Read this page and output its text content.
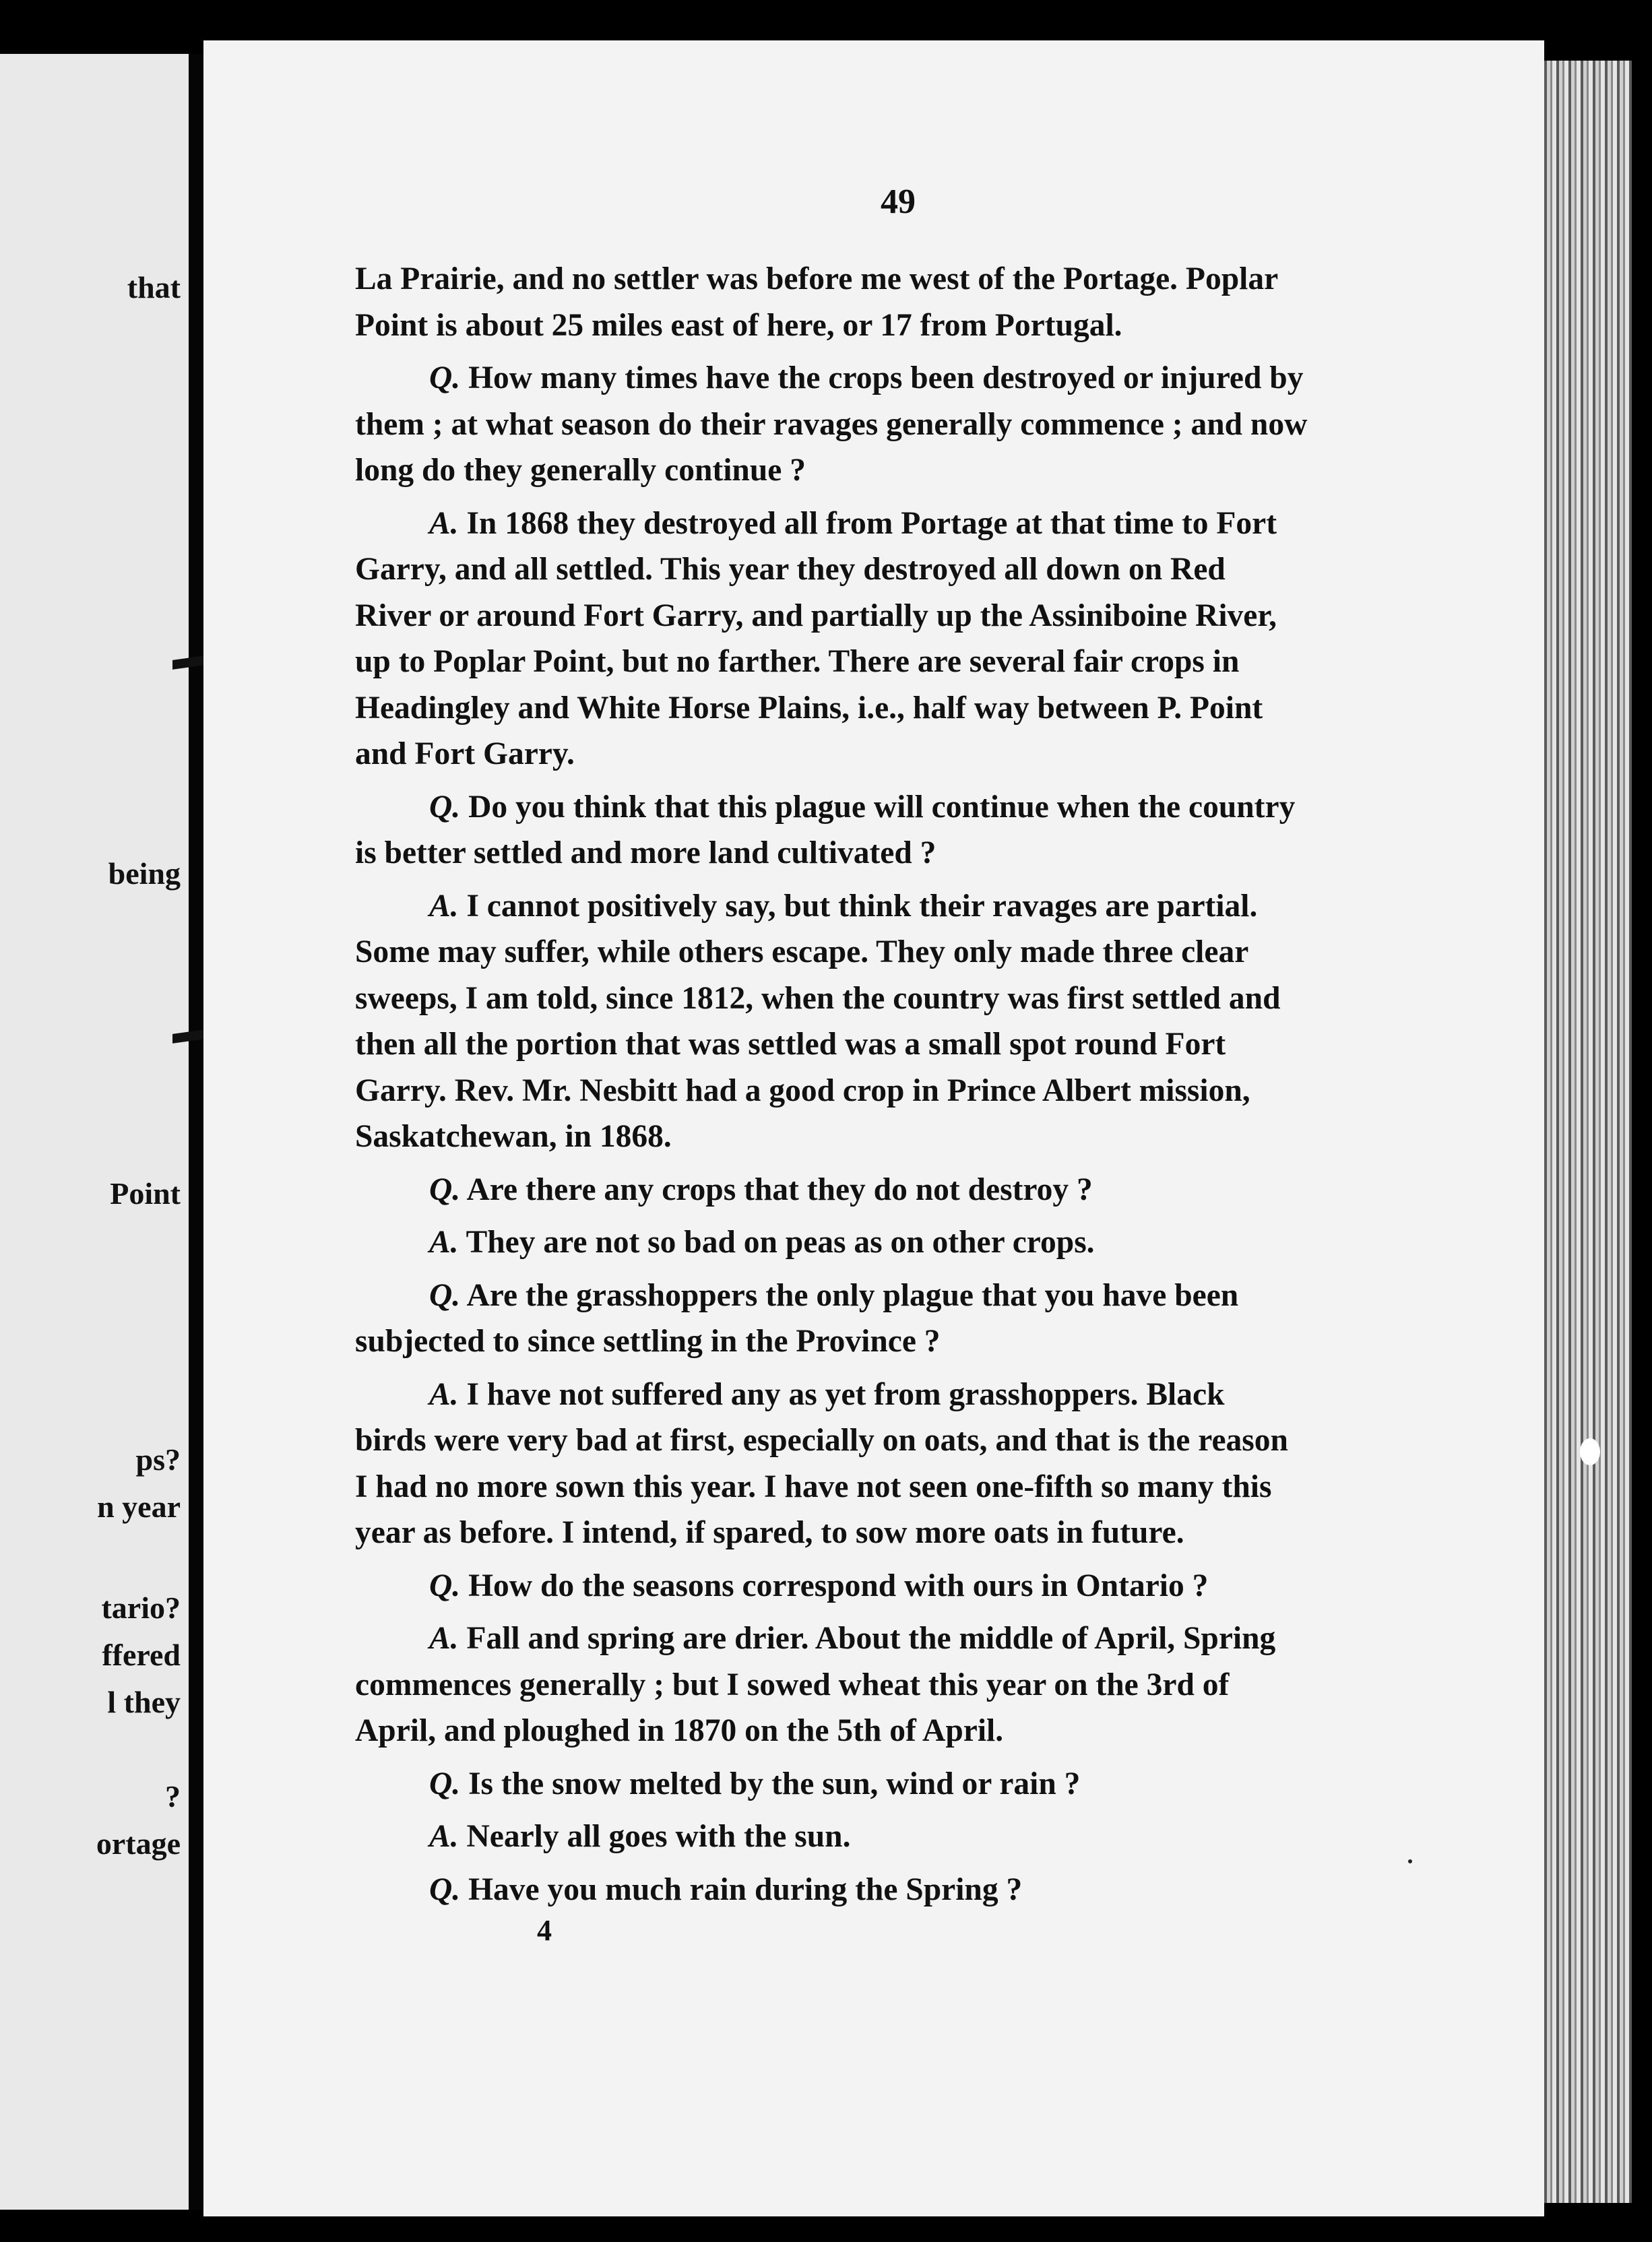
that
being
Point
ps?
n year
tario?
ffered
l they
?
ortage
49
La Prairie, and no settler was before me west of the Portage. Poplar
Point is about 25 miles east of here, or 17 from Portugal.
Q. How many times have the crops been destroyed or injured by
them ; at what season do their ravages generally commence ; and now
long do they generally continue ?
A. In 1868 they destroyed all from Portage at that time to Fort
Garry, and all settled. This year they destroyed all down on Red
River or around Fort Garry, and partially up the Assiniboine River,
up to Poplar Point, but no farther. There are several fair crops in
Headingley and White Horse Plains, i.e., half way between P. Point
and Fort Garry.
Q. Do you think that this plague will continue when the country
is better settled and more land cultivated ?
A. I cannot positively say, but think their ravages are partial.
Some may suffer, while others escape. They only made three clear
sweeps, I am told, since 1812, when the country was first settled and
then all the portion that was settled was a small spot round Fort
Garry. Rev. Mr. Nesbitt had a good crop in Prince Albert mission,
Saskatchewan, in 1868.
Q. Are there any crops that they do not destroy ?
A. They are not so bad on peas as on other crops.
Q. Are the grasshoppers the only plague that you have been
subjected to since settling in the Province ?
A. I have not suffered any as yet from grasshoppers. Black
birds were very bad at first, especially on oats, and that is the reason
I had no more sown this year. I have not seen one-fifth so many this
year as before. I intend, if spared, to sow more oats in future.
Q. How do the seasons correspond with ours in Ontario ?
A. Fall and spring are drier. About the middle of April, Spring
commences generally ; but I sowed wheat this year on the 3rd of
April, and ploughed in 1870 on the 5th of April.
Q. Is the snow melted by the sun, wind or rain ?
A. Nearly all goes with the sun.
Q. Have you much rain during the Spring ?
4
